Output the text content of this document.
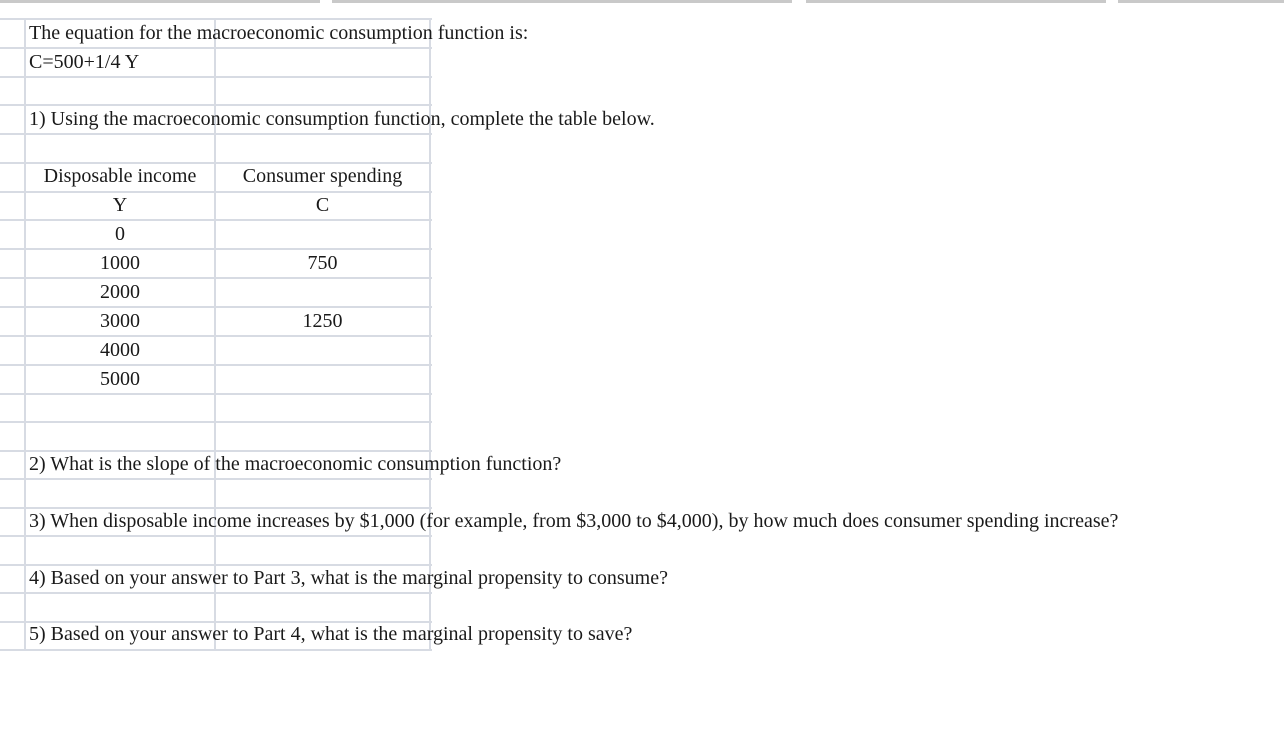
The equation for the macroeconomic consumption function is:
C=500+1/4 Y
1) Using the macroeconomic consumption function, complete the table below.
Disposable income	Consumer spending
Y	C
0
1000	750
2000
3000	1250
4000
5000
2) What is the slope of the macroeconomic consumption function?
3) When disposable income increases by $1,000 (for example, from $3,000 to $4,000), by how much does consumer spending increase?
4) Based on your answer to Part 3, what is the marginal propensity to consume?
5) Based on your answer to Part 4, what is the marginal propensity to save?
